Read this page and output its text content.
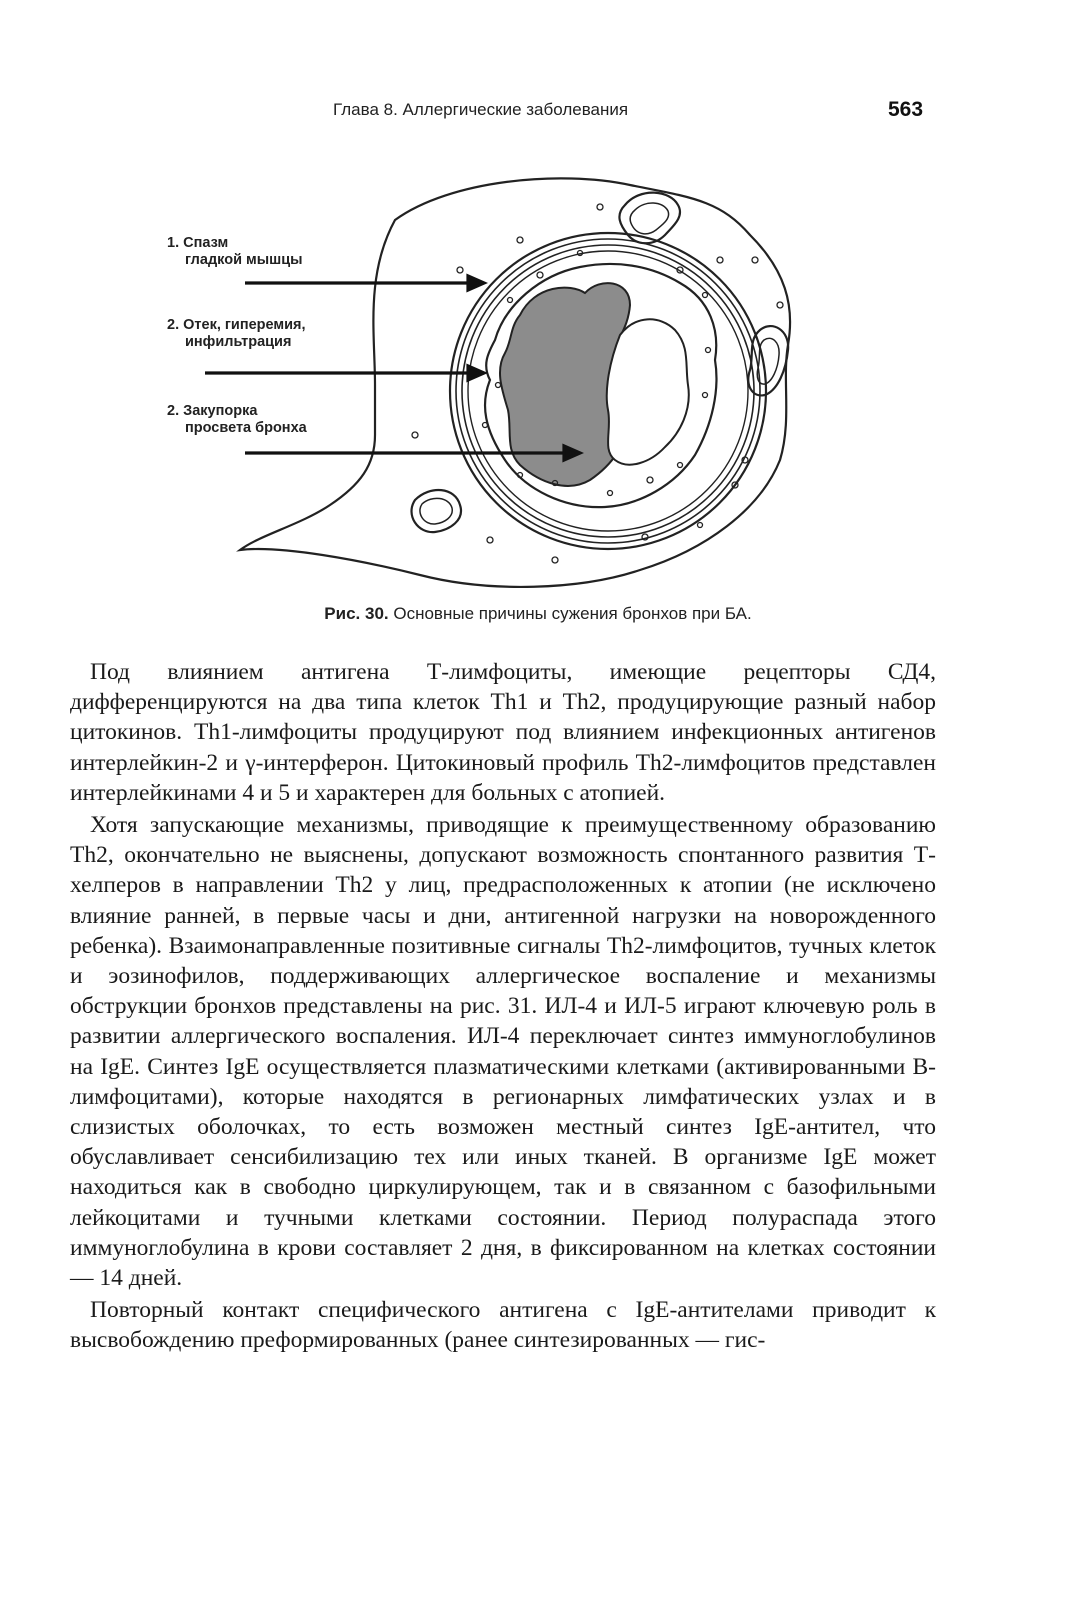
Глава 8. Аллергические заболевания	563
1. Спазм
гладкой мышцы
2. Отек, гиперемия,
инфильтрация
2. Закупорка
просвета бронха
Рис. 30. Основные причины сужения бронхов при БА.

Под влиянием антигена Т-лимфоциты, имеющие рецепторы СД4, дифференцируются на два типа клеток Th1 и Th2, продуцирующие разный набор цитокинов. Th1-лимфоциты продуцируют под влиянием инфекционных антигенов интерлейкин-2 и γ-интерферон. Цитокиновый профиль Th2-лимфоцитов представлен интерлейкинами 4 и 5 и характерен для больных с атопией.

Хотя запускающие механизмы, приводящие к преимущественному образованию Th2, окончательно не выяснены, допускают возможность спонтанного развития Т-хелперов в направлении Th2 у лиц, предрасположенных к атопии (не исключено влияние ранней, в первые часы и дни, антигенной нагрузки на новорожденного ребенка). Взаимонаправленные позитивные сигналы Th2-лимфоцитов, тучных клеток и эозинофилов, поддерживающих аллергическое воспаление и механизмы обструкции бронхов представлены на рис. 31. ИЛ-4 и ИЛ-5 играют ключевую роль в развитии аллергического воспаления. ИЛ-4 переключает синтез иммуноглобулинов на IgE. Синтез IgE осуществляется плазматическими клетками (активированными В-лимфоцитами), которые находятся в регионарных лимфатических узлах и в слизистых оболочках, то есть возможен местный синтез IgE-антител, что обуславливает сенсибилизацию тех или иных тканей. В организме IgE может находиться как в свободно циркулирующем, так и в связанном с базофильными лейкоцитами и тучными клетками состоянии. Период полураспада этого иммуноглобулина в крови составляет 2 дня, в фиксированном на клетках состоянии — 14 дней.

Повторный контакт специфического антигена с IgE-антителами приводит к высвобождению преформированных (ранее синтезированных — гис-
